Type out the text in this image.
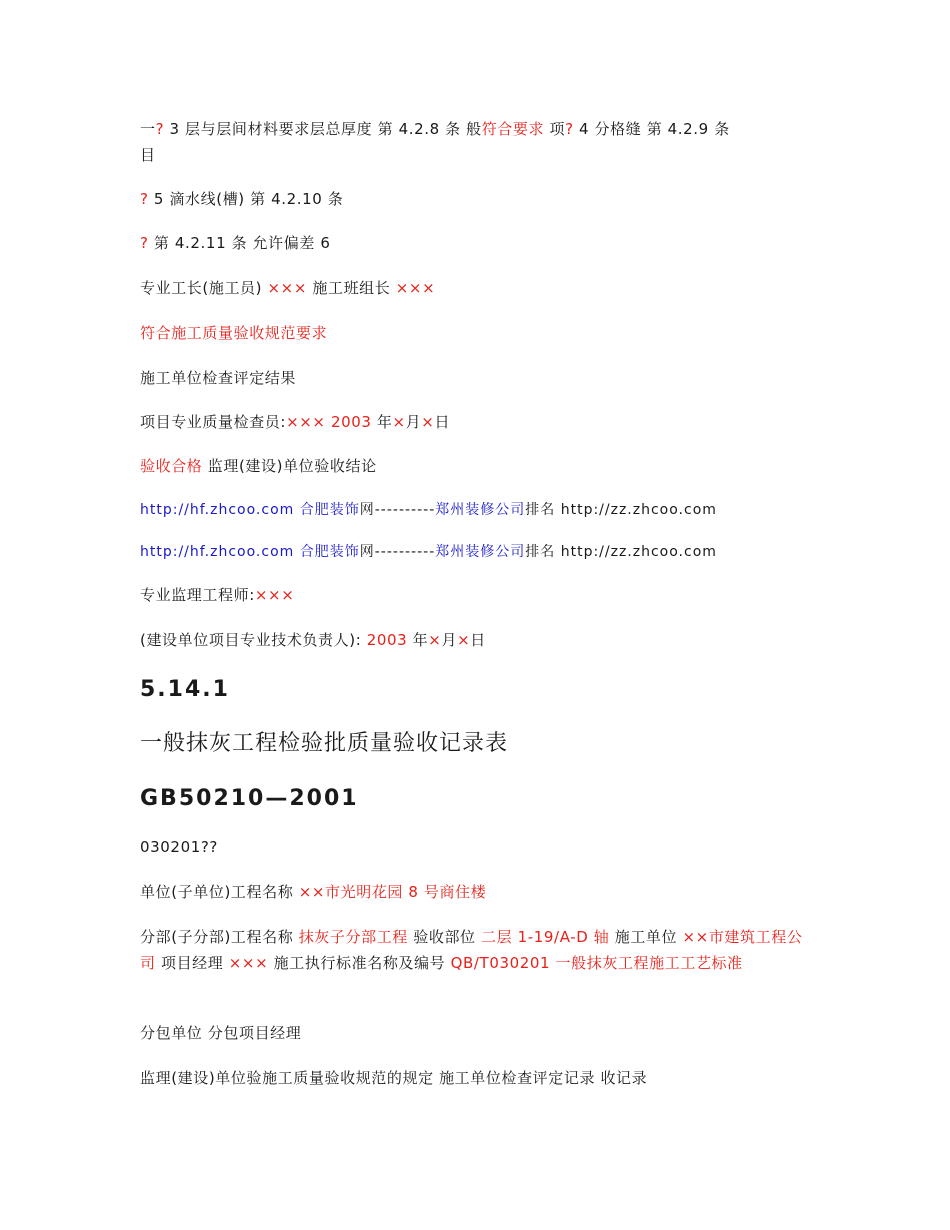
一? 3 层与层间材料要求层总厚度 第 4.2.8 条 般符合要求 项? 4 分格缝 第 4.2.9 条
目
? 5 滴水线(槽) 第 4.2.10 条
? 第 4.2.11 条 允许偏差 6
专业工长(施工员) ××× 施工班组长 ×××
符合施工质量验收规范要求
施工单位检查评定结果
项目专业质量检查员:××× 2003 年×月×日
验收合格 监理(建设)单位验收结论
http://hf.zhcoo.com 合肥装饰网----------郑州装修公司排名 http://zz.zhcoo.com
http://hf.zhcoo.com 合肥装饰网----------郑州装修公司排名 http://zz.zhcoo.com
专业监理工程师:×××
(建设单位项目专业技术负责人): 2003 年×月×日
5.14.1
一般抹灰工程检验批质量验收记录表
GB50210—2001
030201??
单位(子单位)工程名称 ××市光明花园 8 号商住楼
分部(子分部)工程名称 抹灰子分部工程 验收部位 二层 1-19/A-D 轴 施工单位 ××市建筑工程公司 项目经理 ××× 施工执行标准名称及编号 QB/T030201 一般抹灰工程施工工艺标准
分包单位 分包项目经理
监理(建设)单位验施工质量验收规范的规定 施工单位检查评定记录 收记录
